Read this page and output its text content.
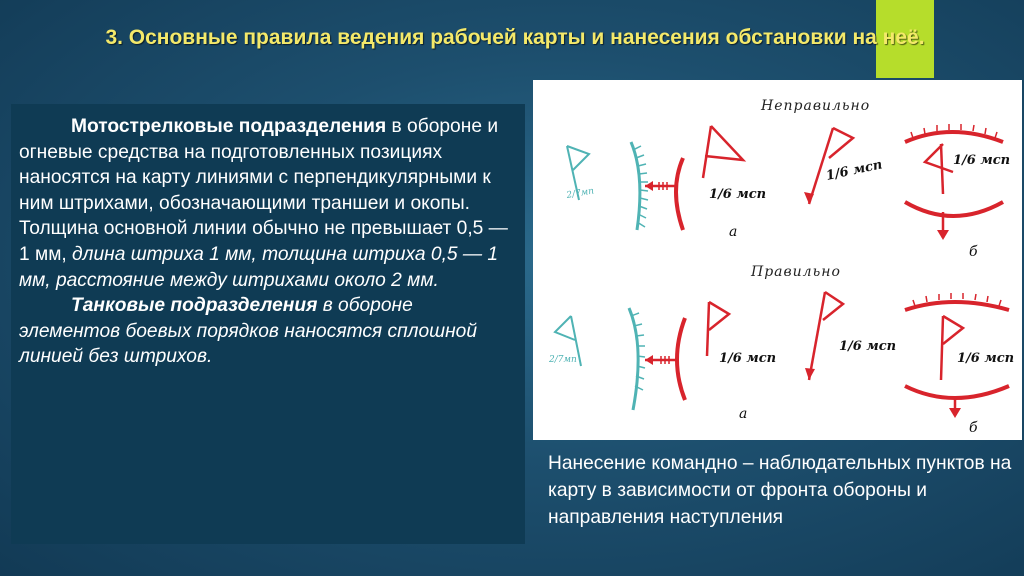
3. Основные правила ведения рабочей карты и нанесения обстановки на неё.

Мотострелковые подразделения в обороне и огневые средства на подготовленных позициях наносятся на карту линиями с перпендикулярными к ним штрихами, обозначающими траншеи и окопы. Толщина основной линии обычно не превышает 0,5 — 1 мм, длина штриха 1 мм, толщина штриха 0,5 — 1 мм, расстояние между штрихами около 2 мм.

Танковые подразделения в обороне элементов боевых порядков наносятся сплошной линией без штрихов.

Неправильно
Правильно
2/7мп	1/6 мсп
а
1/6 мсп	1/6 мсп
б
2/7мп	1/6 мсп
а
1/6 мсп
1/6 мсп
б
Нанесение командно – наблюдательных пунктов на карту в зависимости от фронта обороны и направления наступления
